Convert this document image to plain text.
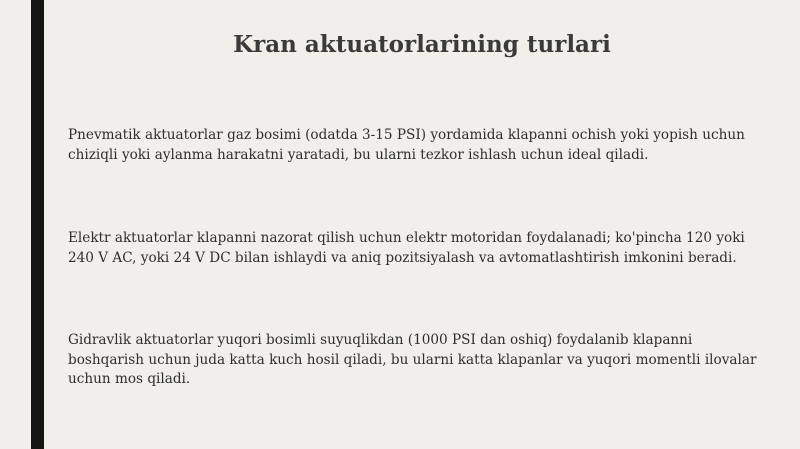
Kran aktuatorlarining turlari

Pnevmatik aktuatorlar gaz bosimi (odatda 3-15 PSI) yordamida klapanni ochish yoki yopish uchun chiziqli yoki aylanma harakatni yaratadi, bu ularni tezkor ishlash uchun ideal qiladi.

Elektr aktuatorlar klapanni nazorat qilish uchun elektr motoridan foydalanadi; ko'pincha 120 yoki 240 V AC, yoki 24 V DC bilan ishlaydi va aniq pozitsiyalash va avtomatlashtirish imkonini beradi.

Gidravlik aktuatorlar yuqori bosimli suyuqlikdan (1000 PSI dan oshiq) foydalanib klapanni boshqarish uchun juda katta kuch hosil qiladi, bu ularni katta klapanlar va yuqori momentli ilovalar uchun mos qiladi.
